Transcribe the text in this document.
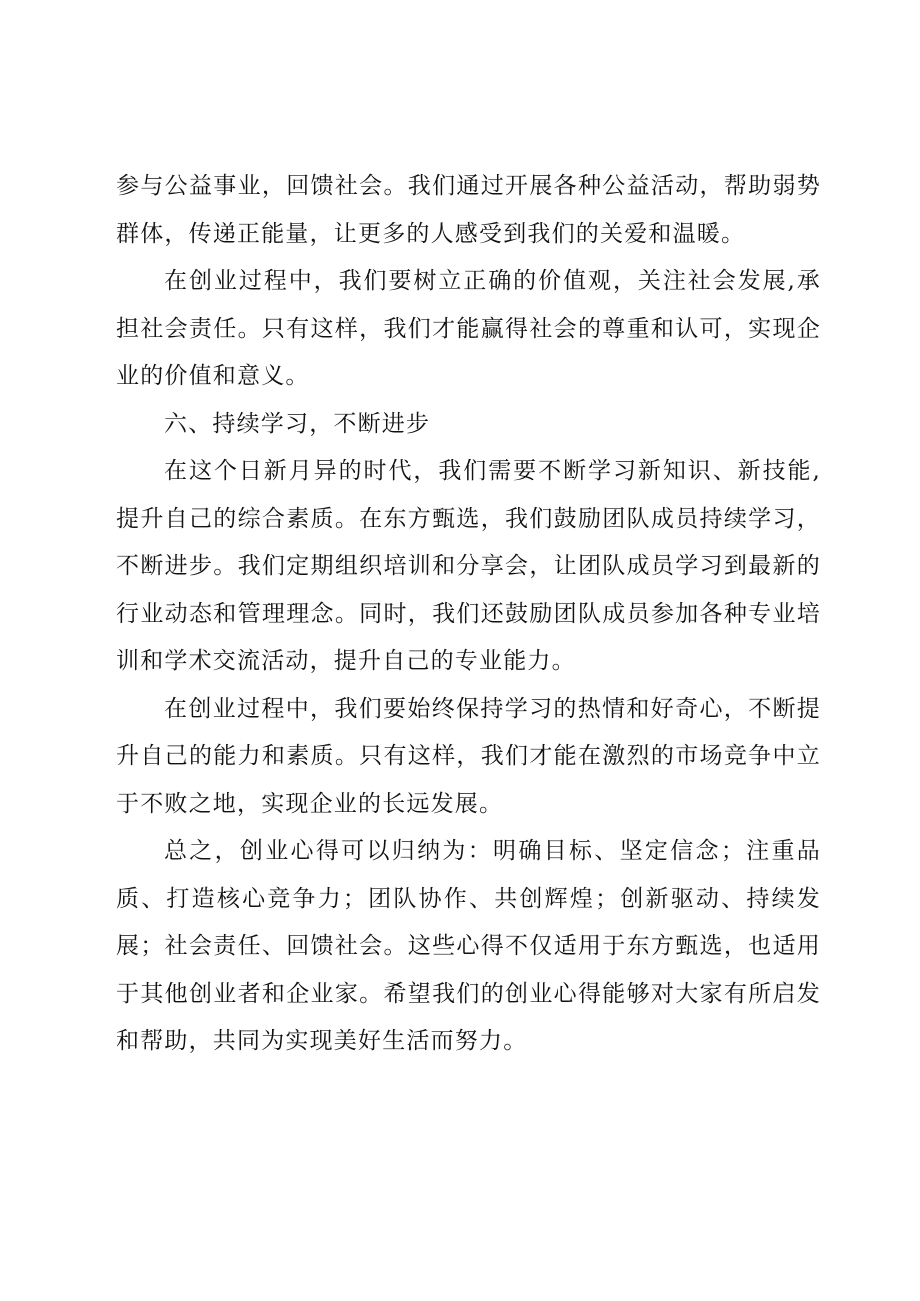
参与公益事业，回馈社会。我们通过开展各种公益活动，帮助弱势群体，传递正能量，让更多的人感受到我们的关爱和温暖。

在创业过程中，我们要树立正确的价值观，关注社会发展,承担社会责任。只有这样，我们才能赢得社会的尊重和认可，实现企业的价值和意义。

六、持续学习，不断进步

在这个日新月异的时代，我们需要不断学习新知识、新技能,提升自己的综合素质。在东方甄选，我们鼓励团队成员持续学习，不断进步。我们定期组织培训和分享会，让团队成员学习到最新的行业动态和管理理念。同时，我们还鼓励团队成员参加各种专业培训和学术交流活动，提升自己的专业能力。

在创业过程中，我们要始终保持学习的热情和好奇心，不断提升自己的能力和素质。只有这样，我们才能在激烈的市场竞争中立于不败之地，实现企业的长远发展。

总之，创业心得可以归纳为：明确目标、坚定信念；注重品质、打造核心竞争力；团队协作、共创辉煌；创新驱动、持续发展；社会责任、回馈社会。这些心得不仅适用于东方甄选，也适用于其他创业者和企业家。希望我们的创业心得能够对大家有所启发和帮助，共同为实现美好生活而努力。
